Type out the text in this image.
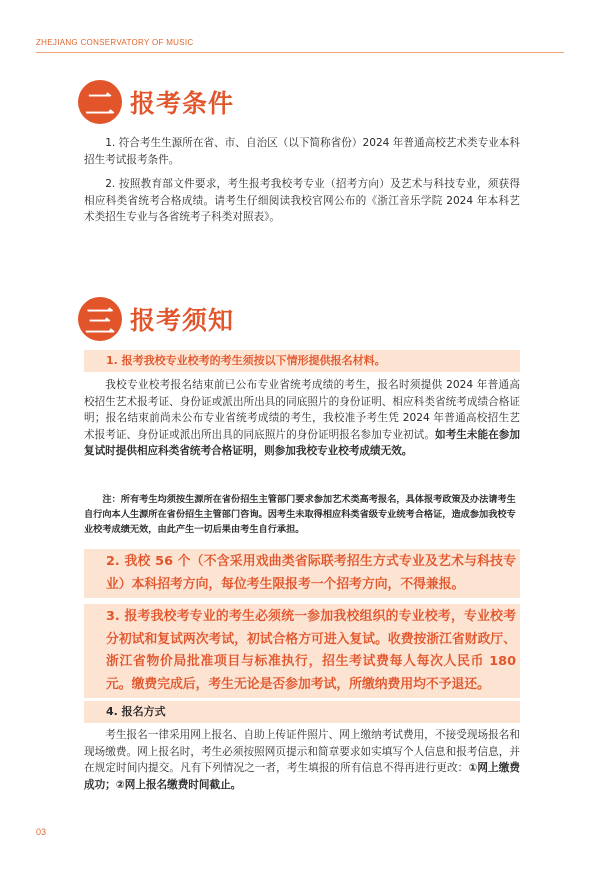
ZHEJIANG CONSERVATORY OF MUSIC
二 报考条件

1. 符合考生生源所在省、市、自治区（以下简称省份）2024 年普通高校艺术类专业本科招生考试报考条件。

2. 按照教育部文件要求，考生报考我校考专业（招考方向）及艺术与科技专业，须获得相应科类省统考合格成绩。请考生仔细阅读我校官网公布的《浙江音乐学院 2024 年本科艺术类招生专业与各省统考子科类对照表》。

三 报考须知
1. 报考我校专业校考的考生须按以下情形提供报名材料。

我校专业校考报名结束前已公布专业省统考成绩的考生，报名时须提供 2024 年普通高校招生艺术报考证、身份证或派出所出具的同底照片的身份证明、相应科类省统考成绩合格证明；报名结束前尚未公布专业省统考成绩的考生，我校准予考生凭 2024 年普通高校招生艺术报考证、身份证或派出所出具的同底照片的身份证明报名参加专业初试。如考生未能在参加复试时提供相应科类省统考合格证明，则参加我校专业校考成绩无效。

注：所有考生均须按生源所在省份招生主管部门要求参加艺术类高考报名，具体报考政策及办法请考生自行向本人生源所在省份招生主管部门咨询。因考生未取得相应科类省级专业统考合格证，造成参加我校专业校考成绩无效，由此产生一切后果由考生自行承担。

2. 我校 56 个（不含采用戏曲类省际联考招生方式专业及艺术与科技专业）本科招考方向，每位考生限报考一个招考方向，不得兼报。
3. 报考我校考专业的考生必须统一参加我校组织的专业校考，专业校考分初试和复试两次考试，初试合格方可进入复试。收费按浙江省财政厅、浙江省物价局批准项目与标准执行，招生考试费每人每次人民币 180 元。缴费完成后，考生无论是否参加考试，所缴纳费用均不予退还。
4. 报名方式

考生报名一律采用网上报名、自助上传证件照片、网上缴纳考试费用，不接受现场报名和现场缴费。网上报名时，考生必须按照网页提示和简章要求如实填写个人信息和报考信息，并在规定时间内提交。凡有下列情况之一者，考生填报的所有信息不得再进行更改：①网上缴费成功；②网上报名缴费时间截止。

03
